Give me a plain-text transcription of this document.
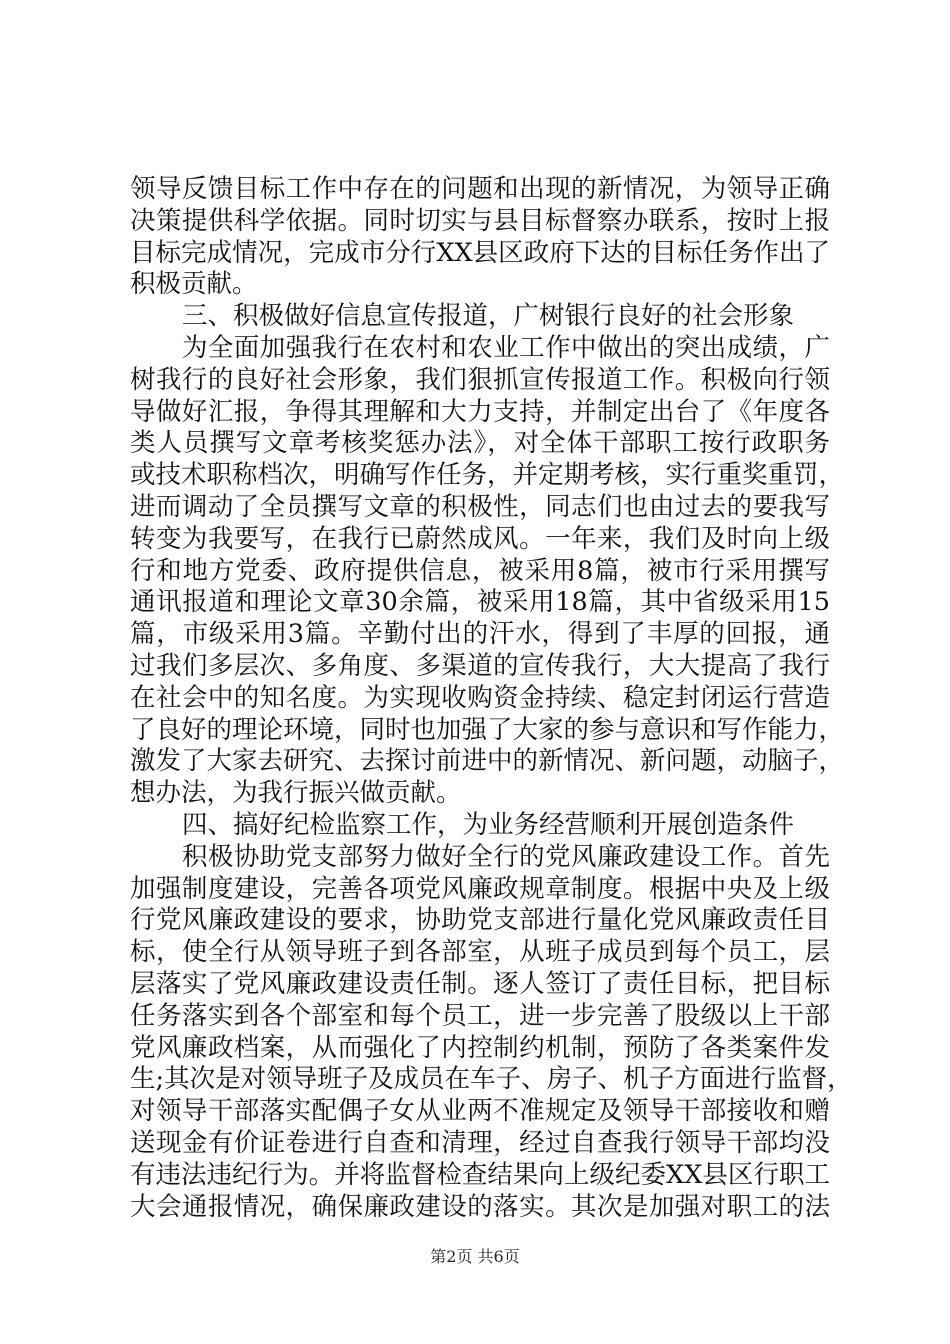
领导反馈目标工作中存在的问题和出现的新情况，为领导正确
决策提供科学依据。同时切实与县目标督察办联系，按时上报
目标完成情况，完成市分行XX县区政府下达的目标任务作出了
积极贡献。
三、积极做好信息宣传报道，广树银行良好的社会形象
为全面加强我行在农村和农业工作中做出的突出成绩，广
树我行的良好社会形象，我们狠抓宣传报道工作。积极向行领
导做好汇报，争得其理解和大力支持，并制定出台了《年度各
类人员撰写文章考核奖惩办法》，对全体干部职工按行政职务
或技术职称档次，明确写作任务，并定期考核，实行重奖重罚，
进而调动了全员撰写文章的积极性，同志们也由过去的要我写
转变为我要写，在我行已蔚然成风。一年来，我们及时向上级
行和地方党委、政府提供信息，被采用8篇，被市行采用撰写
通讯报道和理论文章30余篇，被采用18篇，其中省级采用15
篇，市级采用3篇。辛勤付出的汗水，得到了丰厚的回报，通
过我们多层次、多角度、多渠道的宣传我行，大大提高了我行
在社会中的知名度。为实现收购资金持续、稳定封闭运行营造
了良好的理论环境，同时也加强了大家的参与意识和写作能力，
激发了大家去研究、去探讨前进中的新情况、新问题，动脑子，
想办法，为我行振兴做贡献。
四、搞好纪检监察工作，为业务经营顺利开展创造条件
积极协助党支部努力做好全行的党风廉政建设工作。首先
加强制度建设，完善各项党风廉政规章制度。根据中央及上级
行党风廉政建设的要求，协助党支部进行量化党风廉政责任目
标，使全行从领导班子到各部室，从班子成员到每个员工，层
层落实了党风廉政建设责任制。逐人签订了责任目标，把目标
任务落实到各个部室和每个员工，进一步完善了股级以上干部
党风廉政档案，从而强化了内控制约机制，预防了各类案件发
生;其次是对领导班子及成员在车子、房子、机子方面进行监督，
对领导干部落实配偶子女从业两不准规定及领导干部接收和赠
送现金有价证卷进行自查和清理，经过自查我行领导干部均没
有违法违纪行为。并将监督检查结果向上级纪委XX县区行职工
大会通报情况，确保廉政建设的落实。其次是加强对职工的法
第2页 共6页
